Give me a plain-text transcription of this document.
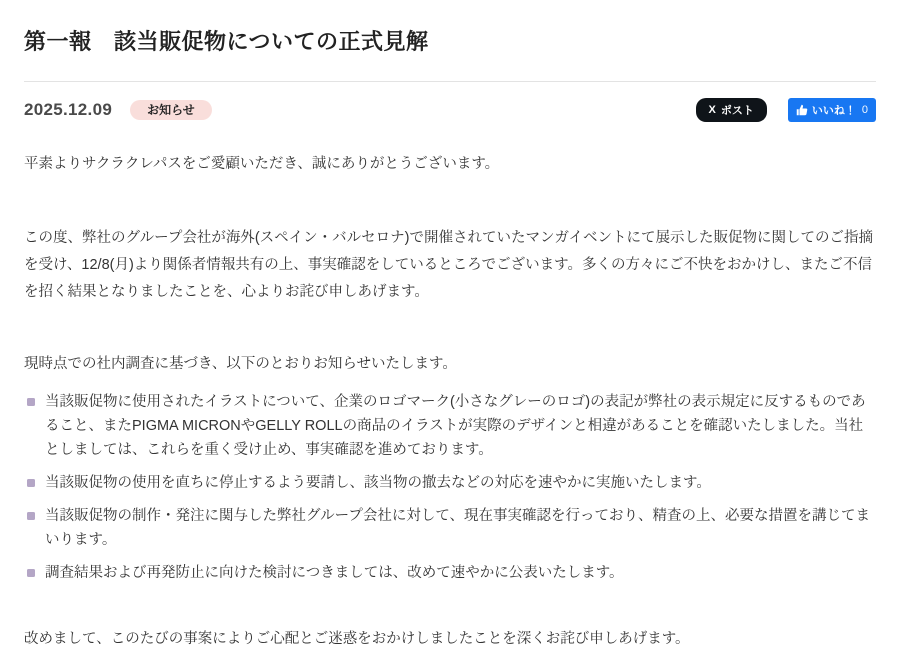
第一報　該当販促物についての正式見解
2025.12.09	お知らせ	X ポスト	いいね！ 0

平素よりサクラクレパスをご愛顧いただき、誠にありがとうございます。

この度、弊社のグループ会社が海外(スペイン・バルセロナ)で開催されていたマンガイベントにて展示した販促物に関してのご指摘を受け、12/8(月)より関係者情報共有の上、事実確認をしているところでございます。多くの方々にご不快をおかけし、またご不信を招く結果となりましたことを、心よりお詫び申しあげます。

現時点での社内調査に基づき、以下のとおりお知らせいたします。

当該販促物に使用されたイラストについて、企業のロゴマーク(小さなグレーのロゴ)の表記が弊社の表示規定に反するものであること、またPIGMA MICRONやGELLY ROLLの商品のイラストが実際のデザインと相違があることを確認いたしました。当社としましては、これらを重く受け止め、事実確認を進めております。
当該販促物の使用を直ちに停止するよう要請し、該当物の撤去などの対応を速やかに実施いたします。
当該販促物の制作・発注に関与した弊社グループ会社に対して、現在事実確認を行っており、精査の上、必要な措置を講じてまいります。
調査結果および再発防止に向けた検討につきましては、改めて速やかに公表いたします。

改めまして、このたびの事案によりご心配とご迷惑をおかけしましたことを深くお詫び申しあげます。
